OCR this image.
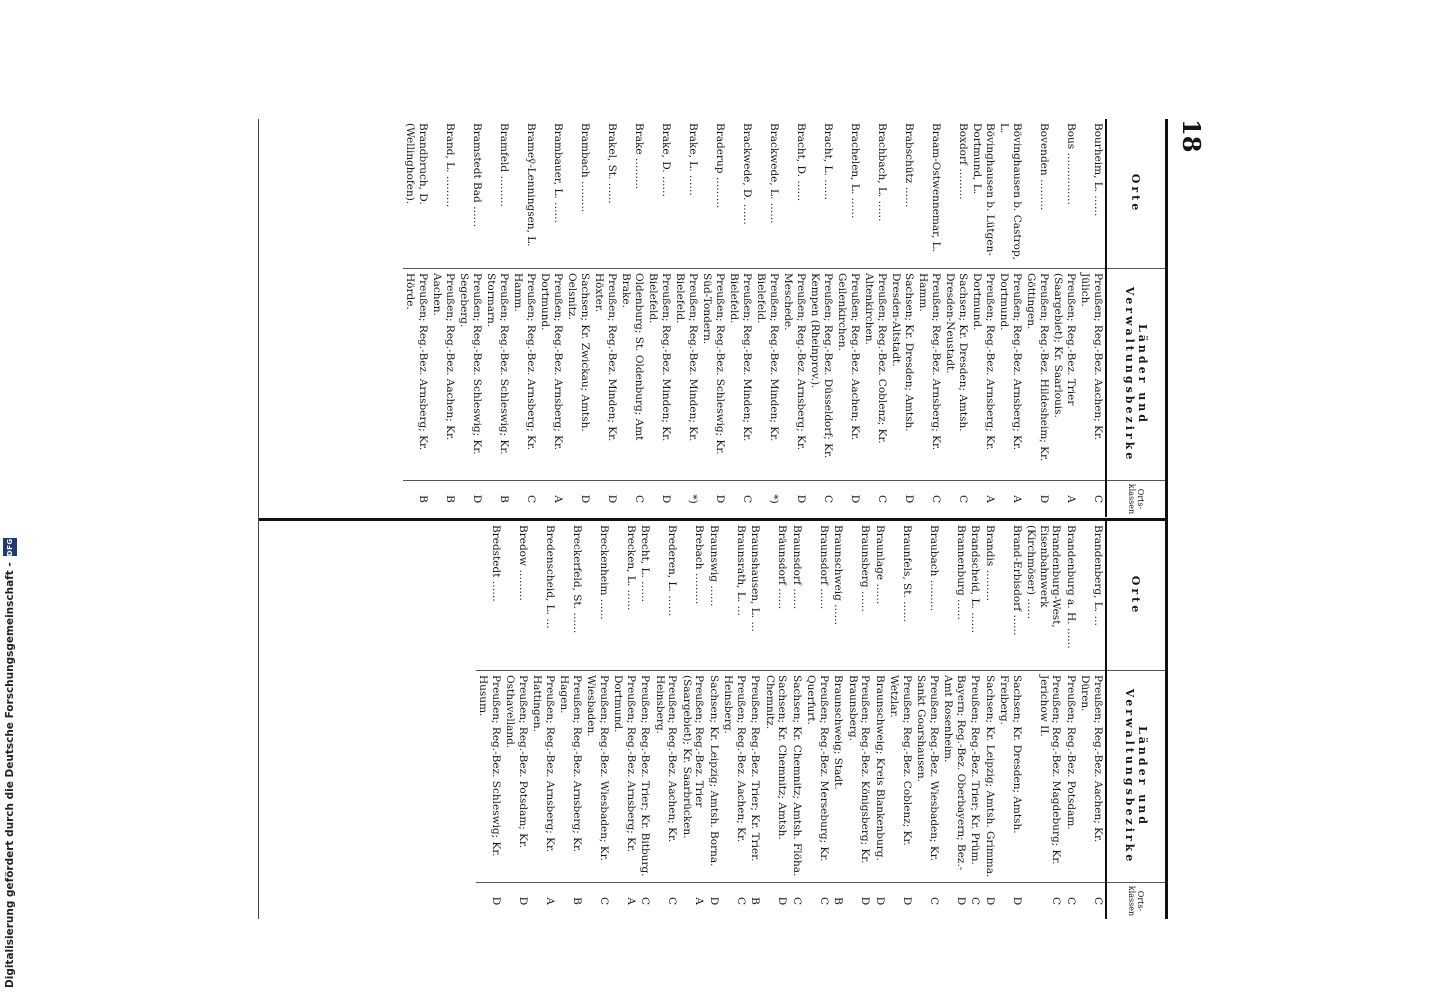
Digitalisierung gefördert durch die Deutsche Forschungsgemeinschaft -
DFG
18
Orte
Länder und Verwaltungsbezirke
Orts-klassen
Bourheim, L. ……
Preußen; Reg.-Bez. Aachen; Kr. Jülich.
C
Bous ……………
Preußen; Reg.-Bez. Trier (Saargebiet); Kr. Saarlouis.
A
Bovenden ………
Preußen; Reg.-Bez. Hildesheim; Kr. Göttingen.
D
Bövinghausen b. Castrop, L.
Preußen; Reg.-Bez. Arnsberg; Kr. Dortmund.
A
Bövinghausen b. Lütgen-Dortmund, L.
Preußen; Reg.-Bez. Arnsberg; Kr. Dortmund.
A
Boxdorf ………
Sachsen; Kr. Dresden; Amtsh. Dresden-Neustadt.
C
Braam-Ostwennemar, L.
Preußen; Reg.-Bez. Arnsberg; Kr. Hamm.
C
Brabschütz ……
Sachsen; Kr. Dresden; Amtsh. Dresden-Altstadt.
D
Brachbach, L. ……
Preußen; Reg.-Bez. Coblenz; Kr. Altenkirchen.
C
Brachelen, L. ……
Preußen; Reg.-Bez. Aachen; Kr. Geilenkirchen.
D
Bracht, L. ……
Preußen; Reg.-Bez. Düsseldorf; Kr. Kempen (Rheinprov.).
C
Bracht, D. ……
Preußen; Reg.-Bez. Arnsberg; Kr. Meschede.
D
Brackwede, L. ……
Preußen; Reg.-Bez. Minden; Kr. Bielefeld.
*)
Brackwede, D. ……
Preußen; Reg.-Bez. Minden; Kr. Bielefeld.
C
Braderup ………
Preußen; Reg.-Bez. Schleswig; Kr. Süd-Tondern.
D
Brake, L. ……
Preußen; Reg.-Bez. Minden; Kr. Bielefeld.
*)
Brake, D. ……
Preußen; Reg.-Bez. Minden; Kr. Bielefeld.
D
Brake ………
Oldenburg; St. Oldenburg; Amt Brake.
C
Brakel, St. ……
Preußen; Reg.-Bez. Minden; Kr. Höxter.
D
Brambach ………
Sachsen; Kr. Zwickau; Amtsh. Oelsnitz.
D
Brambauer, L. ……
Preußen; Reg.-Bez. Arnsberg; Kr. Dortmund.
A
Brameÿ-Lenningsen, L.
Preußen; Reg.-Bez. Arnsberg; Kr. Hamm.
C
Bramfeld ………
Preußen; Reg.-Bez. Schleswig; Kr. Stormarn.
B
Bramstedt Bad ……
Preußen; Reg.-Bez. Schleswig; Kr. Segeberg.
D
Brand, L. ………
Preußen; Reg.-Bez. Aachen; Kr. Aachen.
B
Brandbruch, D. (Wellinghofen).
Preußen; Reg.-Bez. Arnsberg; Kr. Hörde.
B
Orte
Länder und Verwaltungsbezirke
Orts-klassen
Brandenberg, L. …
Preußen; Reg.-Bez. Aachen; Kr. Düren.
C
Brandenburg a. H. ……
Preußen; Reg.-Bez. Potsdam.
C
Brandenburg-West, Eisenbahnwerk (Kirchmöser) ……
Preußen; Reg.-Bez. Magdeburg; Kr. Jerichow II.
C
Brand-Erbisdorf ……
Sachsen; Kr. Dresden; Amtsh. Freiberg.
D
Brandis ………
Sachsen; Kr. Leipzig; Amtsh. Grimma.
D
Brandscheid, L. ……
Preußen; Reg.-Bez. Trier; Kr. Prüm.
C
Brannenburg ……
Bayern; Reg.-Bez. Oberbayern; Bez.-Amt Rosenheim.
D
Braubach ………
Preußen; Reg.-Bez. Wiesbaden; Kr. Sankt Goarshausen.
C
Braunfels, St. ……
Preußen; Reg.-Bez. Coblenz; Kr. Wetzlar.
D
Braunlage ……
Braunschweig; Kreis Blankenburg.
D
Braunsberg ……
Preußen; Reg.-Bez. Königsberg; Kr. Braunsberg.
D
Braunschweig ……
Braunschweig; Stadt.
B
Braunsdorf ……
Preußen; Reg.-Bez. Merseburg; Kr. Querfurt.
C
Braunsdorf ……
Sachsen; Kr. Chemnitz; Amtsh. Flöha.
C
Bräunsdorf ……
Sachsen; Kr. Chemnitz; Amtsh. Chemnitz.
D
Braunshausen, L. …
Preußen; Reg.-Bez. Trier; Kr. Trier.
B
Braunsrath, L. …
Preußen; Reg.-Bez. Aachen; Kr. Heinsberg.
C
Braunswig ……
Sachsen; Kr. Leipzig; Amtsh. Borna.
D
Brebach ………
Preußen; Reg.-Bez. Trier (Saargebiet); Kr. Saarbrücken.
A
Brederen, L. ……
Preußen; Reg.-Bez. Aachen; Kr. Heinsberg.
C
Brecht, L. ……
Preußen; Reg.-Bez. Trier; Kr. Bitburg.
C
Brecken, L. ……
Preußen; Reg.-Bez. Arnsberg; Kr. Dortmund.
A
Breckenheim ……
Preußen; Reg.-Bez. Wiesbaden; Kr. Wiesbaden.
C
Breckerfeld, St. ……
Preußen; Reg.-Bez. Arnsberg; Kr. Hagen.
B
Bredenscheid, L. …
Preußen; Reg.-Bez. Arnsberg; Kr. Hattingen.
A
Bredow ………
Preußen; Reg.-Bez. Potsdam; Kr. Osthavelland.
D
Bredstedt ……
Preußen; Reg.-Bez. Schleswig; Kr. Husum.
D
